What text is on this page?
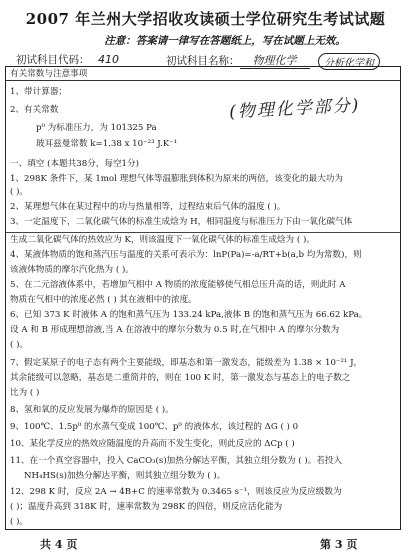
2007 年兰州大学招收攻读硕士学位研究生考试试题
注意：答案请一律写在答题纸上，写在试题上无效。
初试科目代码： 410	初试科目名称： 物理化学	分析化学和
有关常数与注意事项
1、带计算器；
2、有关常数
p⁰ 为标准压力，为 101325 Pa
玻耳兹曼常数 k=1.38 x 10⁻²³ J.K⁻¹
一、填空 (本题共38分，每空1分)
1、298K 条件下，某 1mol 理想气体等温膨胀到体积为原来的两倍，该变化的最大功为
( )。
2、某理想气体在某过程中的功与热量相等，过程结束后气体的温度 ( )。
3、一定温度下，二氧化碳气体的标准生成焓为 H，相同温度与标准压力下由一氧化碳气体
生成二氧化碳气体的热效应为 K，则该温度下一氧化碳气体的标准生成焓为 ( )。
4、某液体物质的饱和蒸汽压与温度的关系可表示为：lnP(Pa)=-a/RT+b(a,b 均为常数)，则
该液体物质的摩尔汽化热为 ( )。
5、在二元溶液体系中，若增加气相中 A 物质的浓度能够使气相总压升高的话，则此时 A
物质在气相中的浓度必然 ( ) 其在液相中的浓度。
6、已知 373 K 时液体 A 的饱和蒸气压为 133.24 kPa,液体 B 的饱和蒸气压为 66.62 kPa。
设 A 和 B 形成理想溶液,当 A 在溶液中的摩尔分数为 0.5 时,在气相中 A 的摩尔分数为
( )。
7、假定某原子的电子态有两个主要能级，即基态和第一激发态，能级差为 1.38 × 10⁻²¹ J，
其余能级可以忽略，基态是二重简并的，则在 100 K 时，第一激发态与基态上的电子数之
比为 ( )
8、氢和氧的反应发展为爆炸的原因是 ( )。
9、100℃、1.5p⁰ 的水蒸气变成 100℃、p⁰ 的液体水，该过程的 ΔG ( ) 0
10、某化学反应的热效应随温度的升高而不发生变化，则此反应的 ΔCp ( )
11、在一个真空容器中，投入 CaCO₃(s)加热分解达平衡，其独立组分数为 ( )。若投入
NH₄HS(s)加热分解达平衡，则其独立组分数为 ( )。
12、298 K 时，反应 2A → 4B+C 的速率常数为 0.3465 s⁻¹，则该反应为反应级数为
( )；温度升高到 318K 时，速率常数为 298K 的四倍，则反应活化能为
( )。
(物理化学部分)
共 4 页	第 3 页
